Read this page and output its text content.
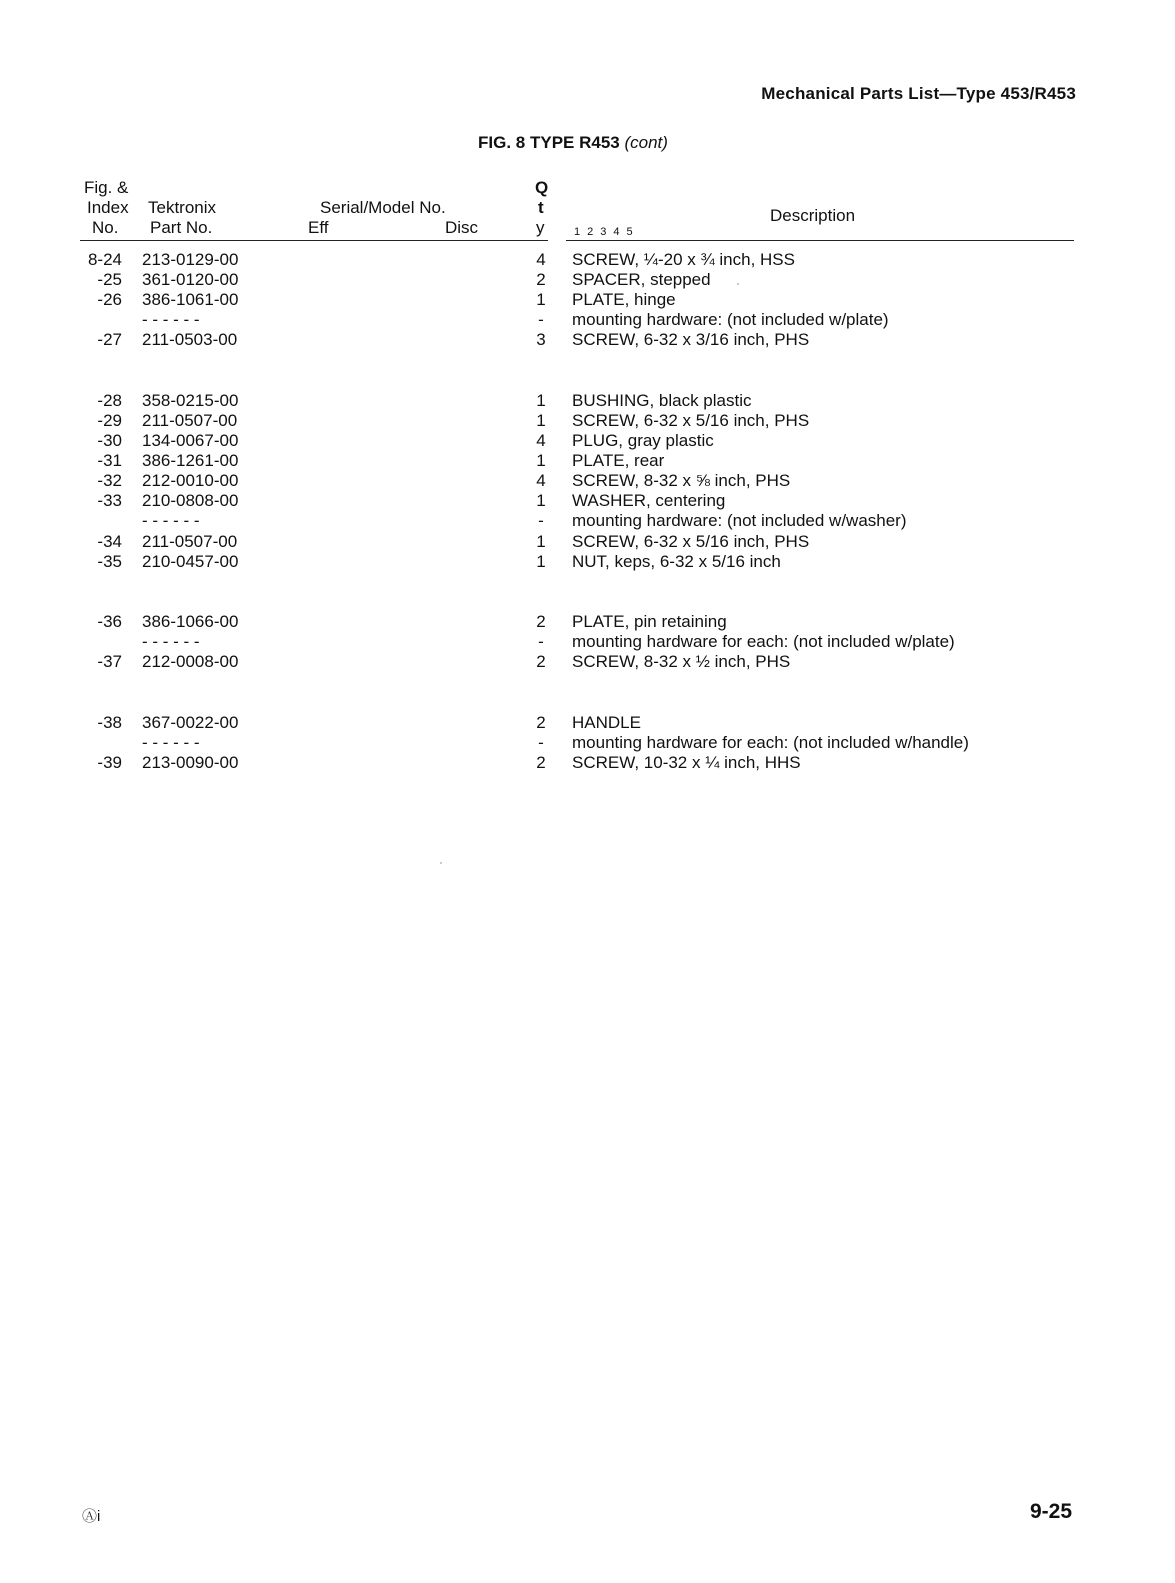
Mechanical Parts List—Type 453/R453
FIG. 8 TYPE R453 (cont)
Fig. &
Index
No.
Tektronix
Part No.
Serial/Model No.
Eff	Disc
Q
t
y
Description
12345
8-24 213-0129-00	4 SCREW, ¼-20 x ¾ inch, HSS
-25 361-0120-00	2 SPACER, stepped
-26 386-1061-00	1 PLATE, hinge
- - - - - -	- mounting hardware: (not included w/plate)
-27 211-0503-00	3 SCREW, 6-32 x 3/16 inch, PHS
-28 358-0215-00	1 BUSHING, black plastic
-29 211-0507-00	1 SCREW, 6-32 x 5/16 inch, PHS
-30 134-0067-00	4 PLUG, gray plastic
-31 386-1261-00	1 PLATE, rear
-32 212-0010-00	4 SCREW, 8-32 x ⅝ inch, PHS
-33 210-0808-00	1 WASHER, centering
- - - - - -	- mounting hardware: (not included w/washer)
-34 211-0507-00	1 SCREW, 6-32 x 5/16 inch, PHS
-35 210-0457-00	1 NUT, keps, 6-32 x 5/16 inch
-36 386-1066-00	2 PLATE, pin retaining
- - - - - -	- mounting hardware for each: (not included w/plate)
-37 212-0008-00	2 SCREW, 8-32 x ½ inch, PHS
-38 367-0022-00	2 HANDLE
- - - - - -	- mounting hardware for each: (not included w/handle)
-39 213-0090-00	2 SCREW, 10-32 x ¼ inch, HHS
Ⓐi	9-25
